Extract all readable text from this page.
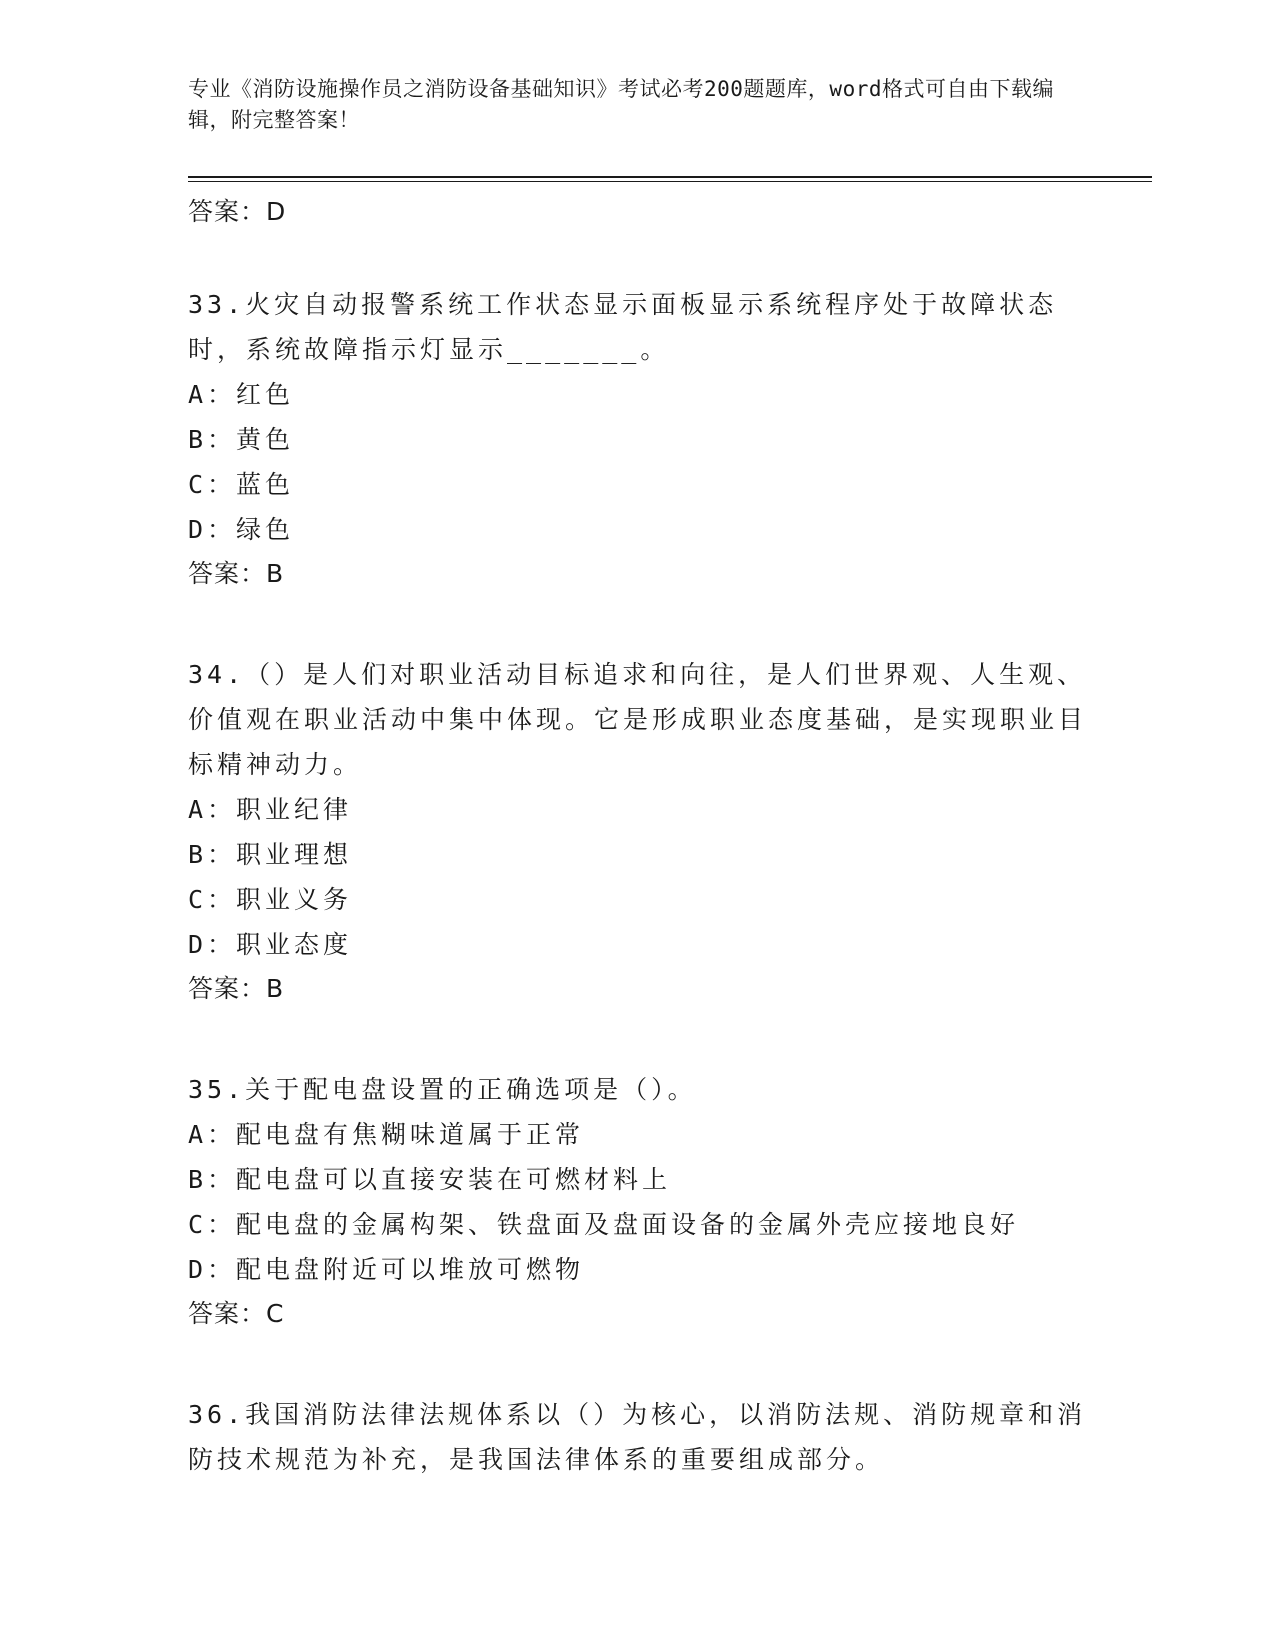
专业《消防设施操作员之消防设备基础知识》考试必考200题题库，word格式可自由下载编辑，附完整答案！
答案：D
33.火灾自动报警系统工作状态显示面板显示系统程序处于故障状态时，系统故障指示灯显示_______。
A：红色
B：黄色
C：蓝色
D：绿色
答案：B
34.（）是人们对职业活动目标追求和向往，是人们世界观、人生观、价值观在职业活动中集中体现。它是形成职业态度基础，是实现职业目标精神动力。
A：职业纪律
B：职业理想
C：职业义务
D：职业态度
答案：B
35.关于配电盘设置的正确选项是（）。
A：配电盘有焦糊味道属于正常
B：配电盘可以直接安装在可燃材料上
C：配电盘的金属构架、铁盘面及盘面设备的金属外壳应接地良好
D：配电盘附近可以堆放可燃物
答案：C
36.我国消防法律法规体系以（）为核心，以消防法规、消防规章和消防技术规范为补充，是我国法律体系的重要组成部分。
